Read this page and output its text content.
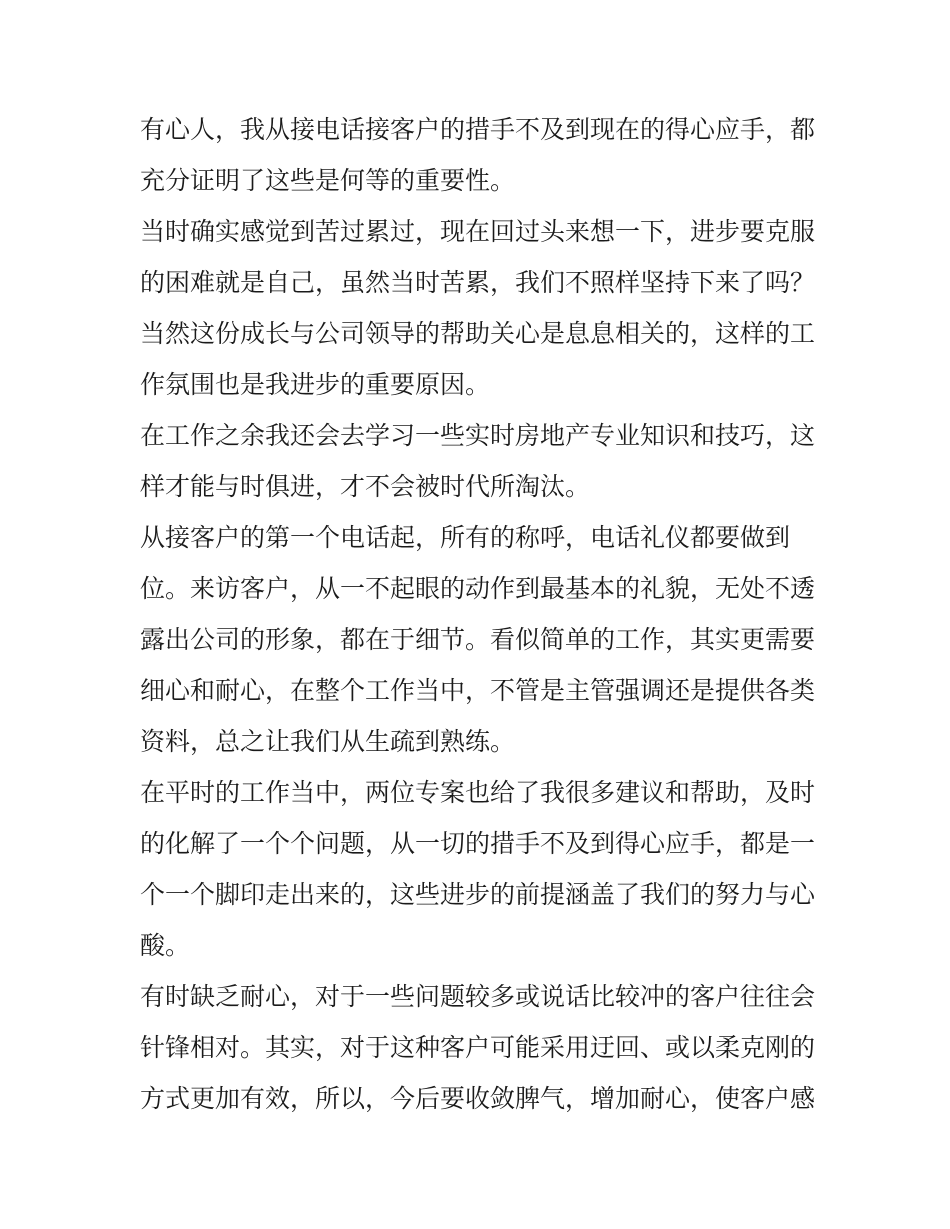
有心人，我从接电话接客户的措手不及到现在的得心应手，都
充分证明了这些是何等的重要性。
当时确实感觉到苦过累过，现在回过头来想一下，进步要克服
的困难就是自己，虽然当时苦累，我们不照样坚持下来了吗？
当然这份成长与公司领导的帮助关心是息息相关的，这样的工
作氛围也是我进步的重要原因。
在工作之余我还会去学习一些实时房地产专业知识和技巧，这
样才能与时俱进，才不会被时代所淘汰。
从接客户的第一个电话起，所有的称呼，电话礼仪都要做到
位。来访客户，从一不起眼的动作到最基本的礼貌，无处不透
露出公司的形象，都在于细节。看似简单的工作，其实更需要
细心和耐心，在整个工作当中，不管是主管强调还是提供各类
资料，总之让我们从生疏到熟练。
在平时的工作当中，两位专案也给了我很多建议和帮助，及时
的化解了一个个问题，从一切的措手不及到得心应手，都是一
个一个脚印走出来的，这些进步的前提涵盖了我们的努力与心
酸。
有时缺乏耐心，对于一些问题较多或说话比较冲的客户往往会
针锋相对。其实，对于这种客户可能采用迂回、或以柔克刚的
方式更加有效，所以，今后要收敛脾气，增加耐心，使客户感
